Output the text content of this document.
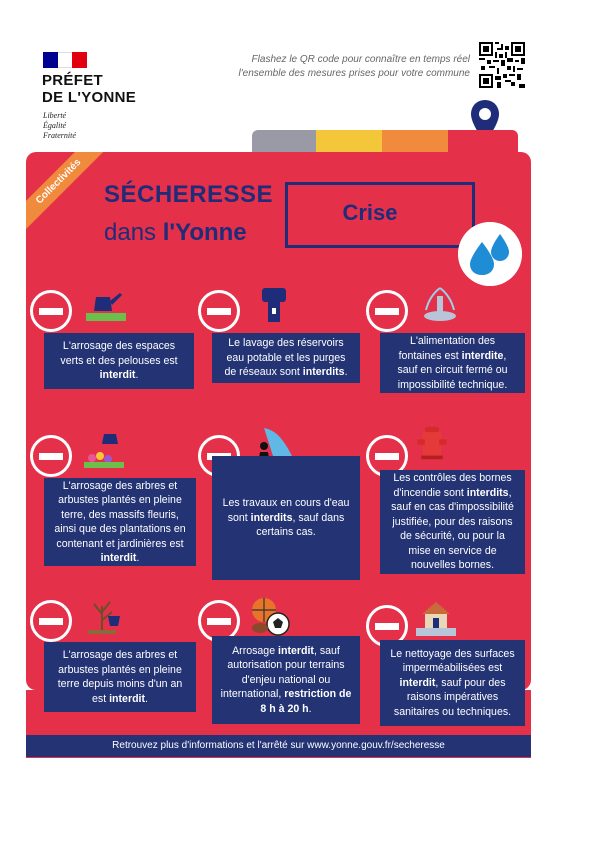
PRÉFET
DE L'YONNE
Liberté
Égalité
Fraternité
Flashez le QR code pour connaître en temps réel
l'ensemble des mesures prises pour votre commune
Collectivités SÉCHERESSE
dans l'Yonne
Crise
L'arrosage des espaces verts et des pelouses est interdit.
Le lavage des réservoirs eau potable et les purges de réseaux sont interdits.
L'alimentation des fontaines est interdite, sauf en circuit fermé ou impossibilité technique.
L'arrosage des arbres et arbustes plantés en pleine terre, des massifs fleuris, ainsi que des plantations en contenant et jardinières est interdit.
Les travaux en cours d'eau sont interdits, sauf dans certains cas.
Les contrôles des bornes d'incendie sont interdits, sauf en cas d'impossibilité justifiée, pour des raisons de sécurité, ou pour la mise en service de nouvelles bornes.
L'arrosage des arbres et arbustes plantés en pleine terre depuis moins d'un an est interdit.
Arrosage interdit, sauf autorisation pour terrains d'enjeu national ou international, restriction de 8 h à 20 h.
Le nettoyage des surfaces imperméabilisées est interdit, sauf pour des raisons impératives sanitaires ou techniques.
Retrouvez plus d'informations et l'arrêté sur www.yonne.gouv.fr/secheresse
